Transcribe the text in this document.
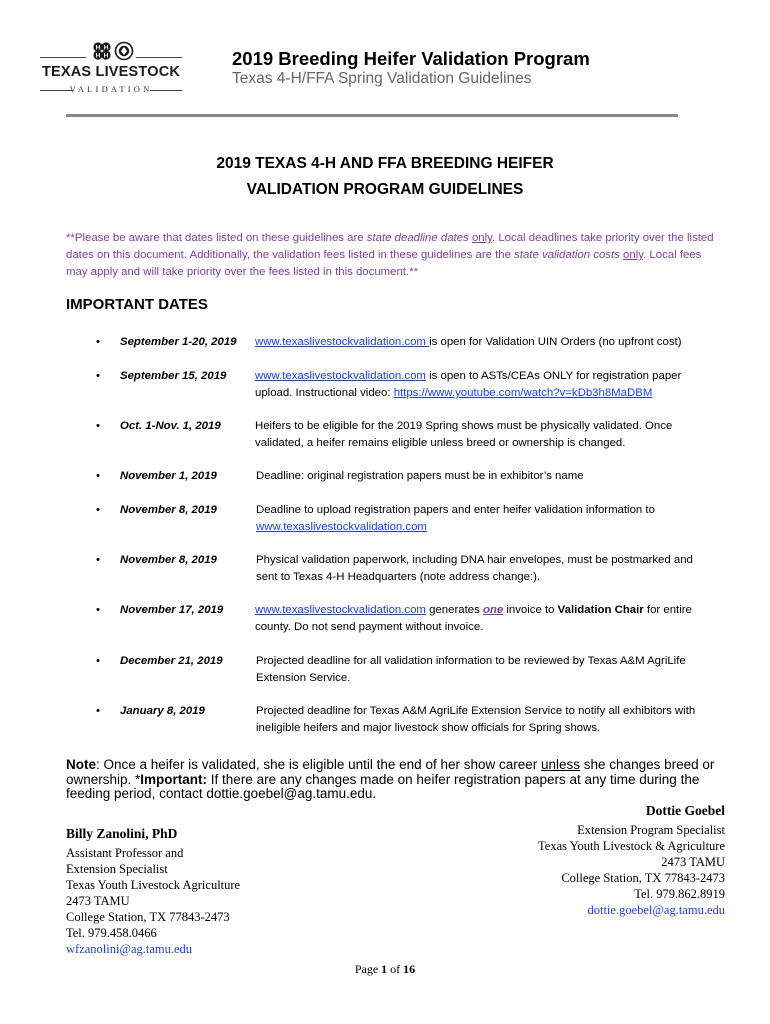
H H
H H
TEXAS LIVESTOCK
VALIDATION
2019 Breeding Heifer Validation Program
Texas 4-H/FFA Spring Validation Guidelines
2019 TEXAS 4-H AND FFA BREEDING HEIFER
VALIDATION PROGRAM GUIDELINES
**Please be aware that dates listed on these guidelines are state deadline dates only. Local deadlines take priority over the listed dates on this document. Additionally, the validation fees listed in these guidelines are the state validation costs only. Local fees may apply and will take priority over the fees listed in this document.**
IMPORTANT DATES
• September 1-20, 2019 www.texaslivestockvalidation.com is open for Validation UIN Orders (no upfront cost)
• September 15, 2019	www.texaslivestockvalidation.com is open to ASTs/CEAs ONLY for registration paper upload. Instructional video: https://www.youtube.com/watch?v=kDb3h8MaDBM
• Oct. 1-Nov. 1, 2019	Heifers to be eligible for the 2019 Spring shows must be physically validated. Once validated, a heifer remains eligible unless breed or ownership is changed.
• November 1, 2019	Deadline: original registration papers must be in exhibitor’s name
• November 8, 2019	Deadline to upload registration papers and enter heifer validation information to www.texaslivestockvalidation.com
• November 8, 2019	Physical validation paperwork, including DNA hair envelopes, must be postmarked and sent to Texas 4-H Headquarters (note address change:).
• November 17, 2019	www.texaslivestockvalidation.com generates one invoice to Validation Chair for entire county. Do not send payment without invoice.
• December 21, 2019	Projected deadline for all validation information to be reviewed by Texas A&M AgriLife Extension Service.
• January 8, 2019	Projected deadline for Texas A&M AgriLife Extension Service to notify all exhibitors with ineligible heifers and major livestock show officials for Spring shows.
Note: Once a heifer is validated, she is eligible until the end of her show career unless she changes breed or ownership. *Important: If there are any changes made on heifer registration papers at any time during the feeding period, contact dottie.goebel@ag.tamu.edu.
Billy Zanolini, PhD
Assistant Professor and
Extension Specialist
Texas Youth Livestock Agriculture
2473 TAMU
College Station, TX 77843-2473
Tel. 979.458.0466
wfzanolini@ag.tamu.edu
Dottie Goebel
Extension Program Specialist
Texas Youth Livestock & Agriculture
2473 TAMU
College Station, TX 77843-2473
Tel. 979.862.8919
dottie.goebel@ag.tamu.edu
Page 1 of 16
